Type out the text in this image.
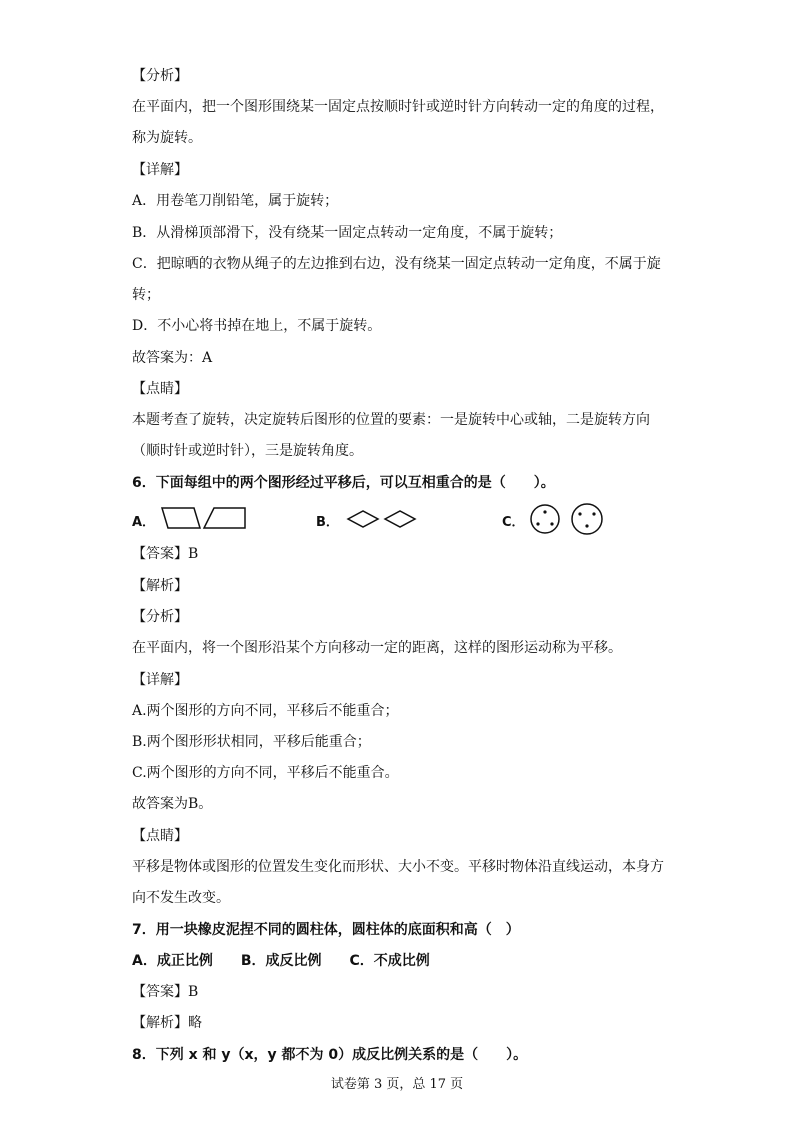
【分析】
在平面内，把一个图形围绕某一固定点按顺时针或逆时针方向转动一定的角度的过程，
称为旋转。
【详解】
A．用卷笔刀削铅笔，属于旋转；
B．从滑梯顶部滑下，没有绕某一固定点转动一定角度，不属于旋转；
C．把晾晒的衣物从绳子的左边推到右边，没有绕某一固定点转动一定角度，不属于旋
转；
D．不小心将书掉在地上，不属于旋转。
故答案为：A
【点睛】
本题考查了旋转，决定旋转后图形的位置的要素：一是旋转中心或轴，二是旋转方向
（顺时针或逆时针），三是旋转角度。
6．下面每组中的两个图形经过平移后，可以互相重合的是（　　）。
A．	B．	C．
【答案】B
【解析】
【分析】
在平面内，将一个图形沿某个方向移动一定的距离，这样的图形运动称为平移。
【详解】
A.两个图形的方向不同，平移后不能重合；
B.两个图形形状相同，平移后能重合；
C.两个图形的方向不同，平移后不能重合。
故答案为B。
【点睛】
平移是物体或图形的位置发生变化而形状、大小不变。平移时物体沿直线运动，本身方
向不发生改变。
7．用一块橡皮泥捏不同的圆柱体，圆柱体的底面积和高（　）
A．成正比例　　B．成反比例　　C．不成比例
【答案】B
【解析】略
8．下列 x 和 y（x，y 都不为 0）成反比例关系的是（　　）。
试卷第 3 页，总 17 页
